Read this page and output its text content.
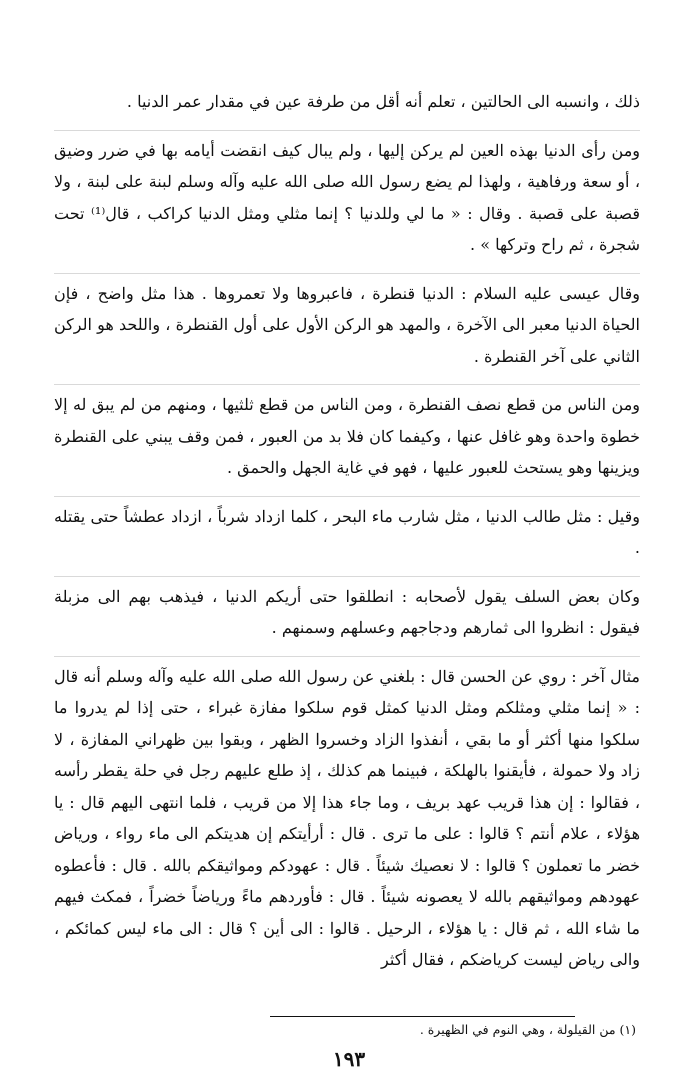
ذلك ، وانسبه الى الحالتين ، تعلم أنه أقل من طرفة عين في مقدار عمر الدنيا .

ومن رأى الدنيا بهذه العين لم يركن إليها ، ولم يبال كيف انقضت أيامه بها في ضرر وضيق ، أو سعة ورفاهية ، ولهذا لم يضع رسول الله صلى الله عليه وآله وسلم لبنة على لبنة ، ولا قصبة على قصبة . وقال : « ما لي وللدنيا ؟ إنما مثلي ومثل الدنيا كراكب ، قال⁽¹⁾ تحت شجرة ، ثم راح وتركها » .

وقال عيسى عليه السلام : الدنيا قنطرة ، فاعبروها ولا تعمروها . هذا مثل واضح ، فإن الحياة الدنيا معبر الى الآخرة ، والمهد هو الركن الأول على أول القنطرة ، واللحد هو الركن الثاني على آخر القنطرة .

ومن الناس من قطع نصف القنطرة ، ومن الناس من قطع ثلثيها ، ومنهم من لم يبق له إلا خطوة واحدة وهو غافل عنها ، وكيفما كان فلا بد من العبور ، فمن وقف يبني على القنطرة ويزينها وهو يستحث للعبور عليها ، فهو في غاية الجهل والحمق .

وقيل : مثل طالب الدنيا ، مثل شارب ماء البحر ، كلما ازداد شرباً ، ازداد عطشاً حتى يقتله .

وكان بعض السلف يقول لأصحابه : انطلقوا حتى أريكم الدنيا ، فيذهب بهم الى مزبلة فيقول : انظروا الى ثمارهم ودجاجهم وعسلهم وسمنهم .

مثال آخر : روي عن الحسن قال : بلغني عن رسول الله صلى الله عليه وآله وسلم أنه قال : « إنما مثلي ومثلكم ومثل الدنيا كمثل قوم سلكوا مفازة غبراء ، حتى إذا لم يدروا ما سلكوا منها أكثر أو ما بقي ، أنفذوا الزاد وخسروا الظهر ، وبقوا بين ظهراني المفازة ، لا زاد ولا حمولة ، فأيقنوا بالهلكة ، فبينما هم كذلك ، إذ طلع عليهم رجل في حلة يقطر رأسه ، فقالوا : إن هذا قريب عهد بريف ، وما جاء هذا إلا من قريب ، فلما انتهى اليهم قال : يا هؤلاء ، علام أنتم ؟ قالوا : على ما ترى . قال : أرأيتكم إن هديتكم الى ماء رواء ، ورياض خضر ما تعملون ؟ قالوا : لا نعصيك شيئاً . قال : عهودكم ومواثيقكم بالله . قال : فأعطوه عهودهم ومواثيقهم بالله لا يعصونه شيئاً . قال : فأوردهم ماءً ورياضاً خضراً ، فمكث فيهم ما شاء الله ، ثم قال : يا هؤلاء ، الرحيل . قالوا : الى أين ؟ قال : الى ماء ليس كمائكم ، والى رياض ليست كرياضكم ، فقال أكثر

(١) من القيلولة ، وهي النوم في الظهيرة .

١٩٣
